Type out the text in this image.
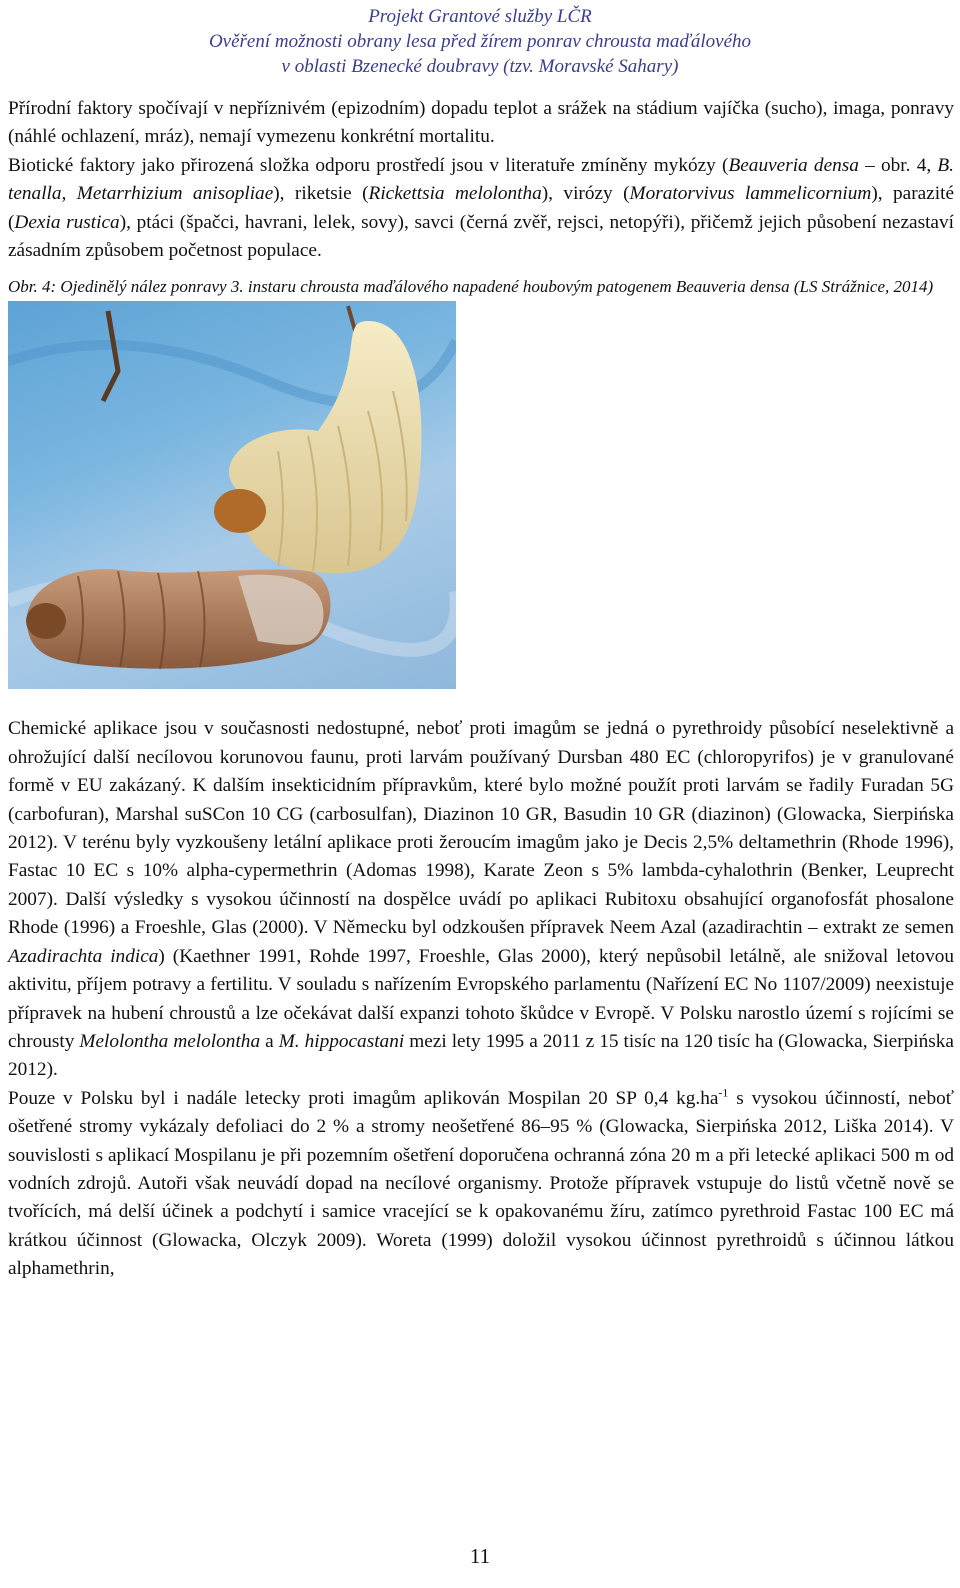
Projekt Grantové služby LČR
Ověření možnosti obrany lesa před žírem ponrav chrousta maďálového
v oblasti Bzenecké doubravy (tzv. Moravské Sahary)

Přírodní faktory spočívají v nepříznivém (epizodním) dopadu teplot a srážek na stádium vajíčka (sucho), imaga, ponravy (náhlé ochlazení, mráz), nemají vymezenu konkrétní mortalitu.

Biotické faktory jako přirozená složka odporu prostředí jsou v literatuře zmíněny mykózy (Beauveria densa – obr. 4, B. tenalla, Metarrhizium anisopliae), riketsie (Rickettsia melolontha), virózy (Moratorvivus lammelicornium), parazité (Dexia rustica), ptáci (špačci, havrani, lelek, sovy), savci (černá zvěř, rejsci, netopýři), přičemž jejich působení nezastaví zásadním způsobem početnost populace.

Obr. 4: Ojedinělý nález ponravy 3. instaru chrousta maďálového napadené houbovým patogenem Beauveria densa (LS Strážnice, 2014)

Chemické aplikace jsou v současnosti nedostupné, neboť proti imagům se jedná o pyrethroidy působící neselektivně a ohrožující další necílovou korunovou faunu, proti larvám používaný Dursban 480 EC (chloropyrifos) je v granulované formě v EU zakázaný. K dalším insekticidním přípravkům, které bylo možné použít proti larvám se řadily Furadan 5G (carbofuran), Marshal suSCon 10 CG (carbosulfan), Diazinon 10 GR, Basudin 10 GR (diazinon) (Glowacka, Sierpińska 2012). V terénu byly vyzkoušeny letální aplikace proti žeroucím imagům jako je Decis 2,5% deltamethrin (Rhode 1996), Fastac 10 EC s 10% alpha-cypermethrin (Adomas 1998), Karate Zeon s 5% lambda-cyhalothrin (Benker, Leuprecht 2007). Další výsledky s vysokou účinností na dospělce uvádí po aplikaci Rubitoxu obsahující organofosfát phosalone Rhode (1996) a Froeshle, Glas (2000). V Německu byl odzkoušen přípravek Neem Azal (azadirachtin – extrakt ze semen Azadirachta indica) (Kaethner 1991, Rohde 1997, Froeshle, Glas 2000), který nepůsobil letálně, ale snižoval letovou aktivitu, příjem potravy a fertilitu. V souladu s nařízením Evropského parlamentu (Nařízení EC No 1107/2009) neexistuje přípravek na hubení chroustů a lze očekávat další expanzi tohoto škůdce v Evropě. V Polsku narostlo území s rojícími se chrousty Melolontha melolontha a M. hippocastani mezi lety 1995 a 2011 z 15 tisíc na 120 tisíc ha (Glowacka, Sierpińska 2012).

Pouze v Polsku byl i nadále letecky proti imagům aplikován Mospilan 20 SP 0,4 $kg.ha^{-1}$ s vysokou účinností, neboť ošetřené stromy vykázaly defoliaci do 2 % a stromy neošetřené 86–95 % (Glowacka, Sierpińska 2012, Liška 2014). V souvislosti s aplikací Mospilanu je při pozemním ošetření doporučena ochranná zóna 20 m a při letecké aplikaci 500 m od vodních zdrojů. Autoři však neuvádí dopad na necílové organismy. Protože přípravek vstupuje do listů včetně nově se tvořících, má delší účinek a podchytí i samice vracející se k opakovanému žíru, zatímco pyrethroid Fastac 100 EC má krátkou účinnost (Glowacka, Olczyk 2009). Woreta (1999) doložil vysokou účinnost pyrethroidů s účinnou látkou alphamethrin,

11
